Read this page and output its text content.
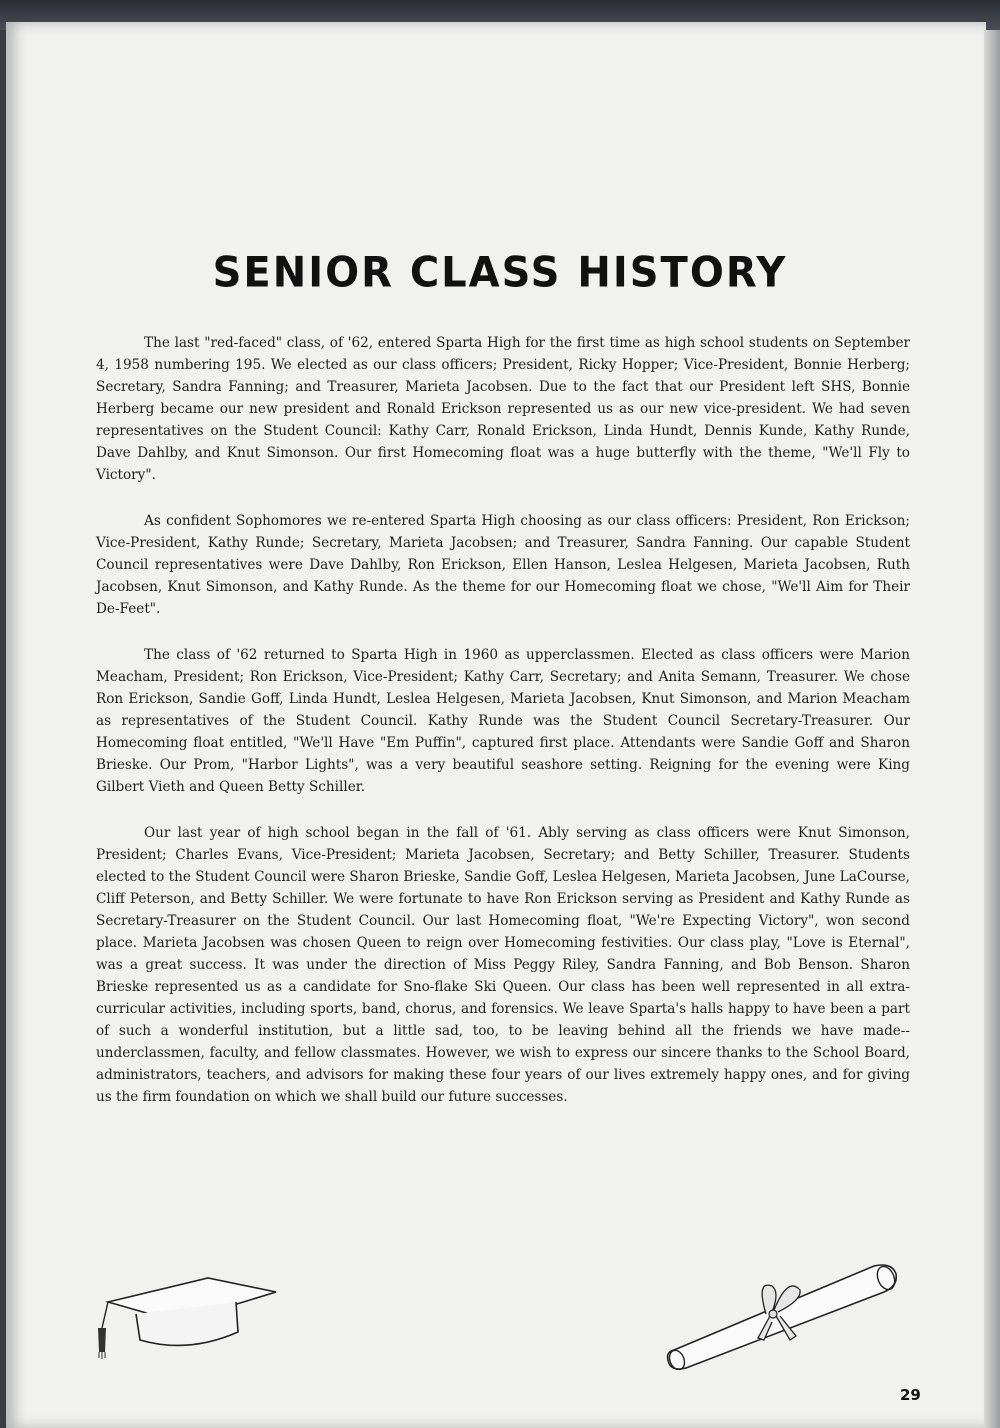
SENIOR CLASS HISTORY

The last "red-faced" class, of '62, entered Sparta High for the first time as high school students on September 4, 1958 numbering 195. We elected as our class officers; President, Ricky Hopper; Vice-President, Bonnie Herberg; Secretary, Sandra Fanning; and Treasurer, Marieta Jacobsen. Due to the fact that our President left SHS, Bonnie Herberg became our new president and Ronald Erickson represented us as our new vice-president. We had seven representatives on the Student Council: Kathy Carr, Ronald Erickson, Linda Hundt, Dennis Kunde, Kathy Runde, Dave Dahlby, and Knut Simonson. Our first Homecoming float was a huge butterfly with the theme, "We'll Fly to Victory".

As confident Sophomores we re-entered Sparta High choosing as our class officers: President, Ron Erickson; Vice-President, Kathy Runde; Secretary, Marieta Jacobsen; and Treasurer, Sandra Fanning. Our capable Student Council representatives were Dave Dahlby, Ron Erickson, Ellen Hanson, Leslea Helgesen, Marieta Jacobsen, Ruth Jacobsen, Knut Simonson, and Kathy Runde. As the theme for our Homecoming float we chose, "We'll Aim for Their De-Feet".

The class of '62 returned to Sparta High in 1960 as upperclassmen. Elected as class officers were Marion Meacham, President; Ron Erickson, Vice-President; Kathy Carr, Secretary; and Anita Semann, Treasurer. We chose Ron Erickson, Sandie Goff, Linda Hundt, Leslea Helgesen, Marieta Jacobsen, Knut Simonson, and Marion Meacham as representatives of the Student Council. Kathy Runde was the Student Council Secretary-Treasurer. Our Homecoming float entitled, "We'll Have "Em Puffin", captured first place. Attendants were Sandie Goff and Sharon Brieske. Our Prom, "Harbor Lights", was a very beautiful seashore setting. Reigning for the evening were King Gilbert Vieth and Queen Betty Schiller.

Our last year of high school began in the fall of '61. Ably serving as class officers were Knut Simonson, President; Charles Evans, Vice-President; Marieta Jacobsen, Secretary; and Betty Schiller, Treasurer. Students elected to the Student Council were Sharon Brieske, Sandie Goff, Leslea Helgesen, Marieta Jacobsen, June LaCourse, Cliff Peterson, and Betty Schiller. We were fortunate to have Ron Erickson serving as President and Kathy Runde as Secretary-Treasurer on the Student Council. Our last Homecoming float, "We're Expecting Victory", won second place. Marieta Jacobsen was chosen Queen to reign over Homecoming festivities. Our class play, "Love is Eternal", was a great success. It was under the direction of Miss Peggy Riley, Sandra Fanning, and Bob Benson. Sharon Brieske represented us as a candidate for Sno-flake Ski Queen. Our class has been well represented in all extra-curricular activities, including sports, band, chorus, and forensics. We leave Sparta's halls happy to have been a part of such a wonderful institution, but a little sad, too, to be leaving behind all the friends we have made--underclassmen, faculty, and fellow classmates. However, we wish to express our sincere thanks to the School Board, administrators, teachers, and advisors for making these four years of our lives extremely happy ones, and for giving us the firm foundation on which we shall build our future successes.

29
